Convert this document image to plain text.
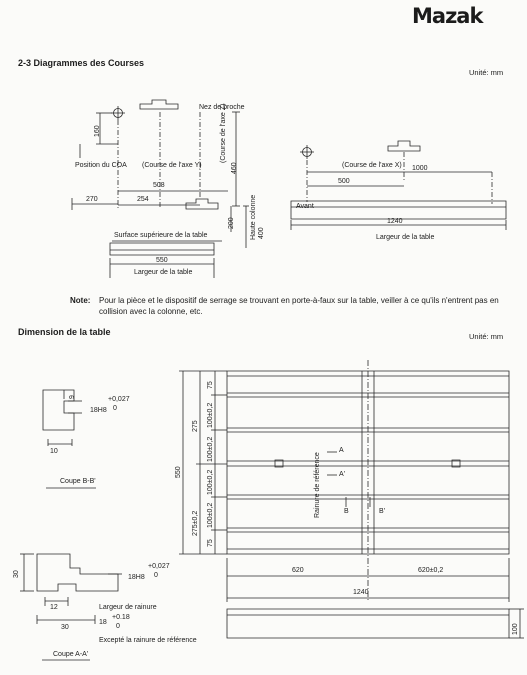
Mazak
2-3 Diagrammes des Courses
Unité: mm
Nez de broche
Position du COA (Course de l'axe Y)
(Course de l'axe Z)
160
270	254
508
460
200 Haute colonne 400
Surface supérieure de la table
550
Largeur de la table
(Course de l'axe X) 1000
500
Avant
1240
Largeur de la table
Note: Pour la pièce et le dispositif de serrage se trouvant en porte-à-faux sur la table, veiller à ce qu'ils n'entrent pas en collision avec la colonne, etc.
Dimension de la table	Unité: mm
9
10
18H8
+0,027
0
Coupe B-B'
30
12
30
18H8
+0,027
0
Largeur de rainure
18
+0.18
0
Excepté la rainure de référence
Coupe A-A'
550
275
275±0,2
75
100±0,2
100±0,2
100±0,2
100±0,2
75
Rainure de référence
A
A'
B	B'
620	620±0,2
1240
100
